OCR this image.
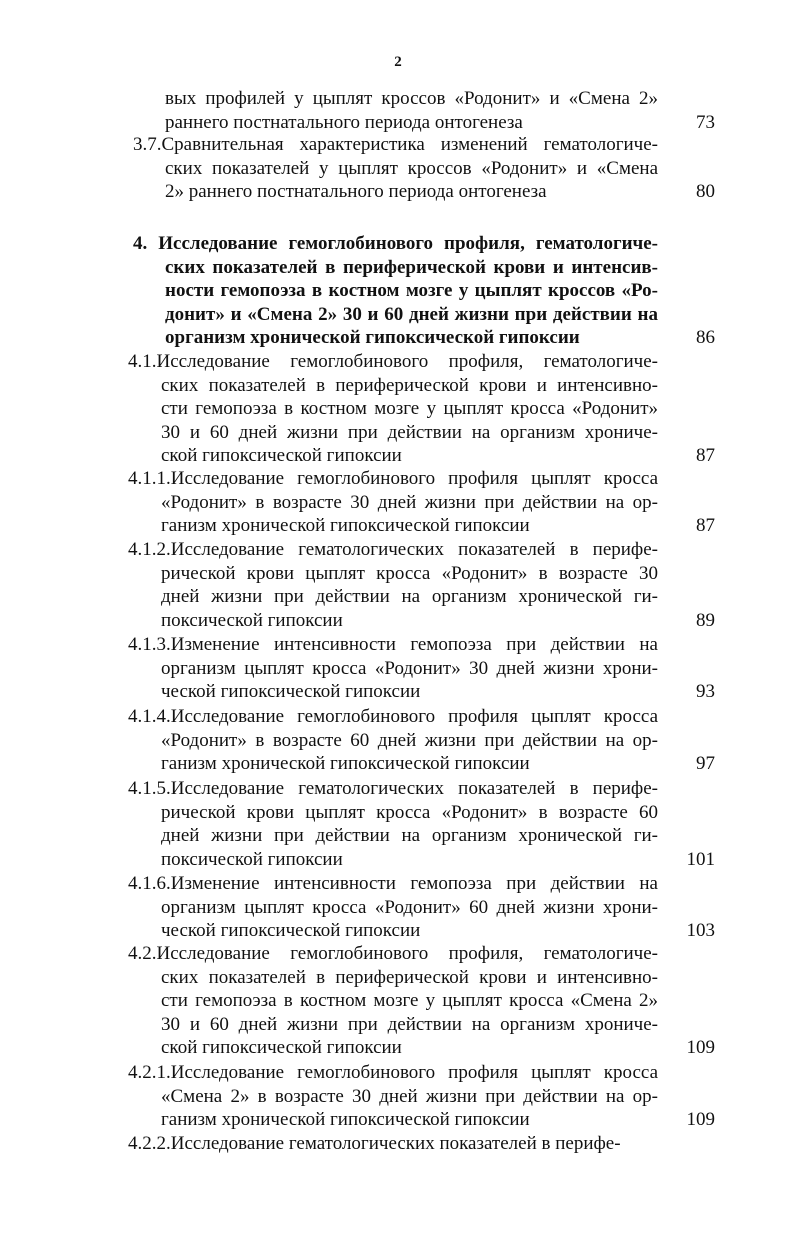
2
вых профилей у цыплят кроссов «Родонит» и «Смена 2»
раннего постнатального периода онтогенеза	73
3.7.Сравнительная характеристика изменений гематологиче-
ских показателей у цыплят кроссов «Родонит» и «Смена
2» раннего постнатального периода онтогенеза	80
4. Исследование гемоглобинового профиля, гематологиче-
ских показателей в периферической крови и интенсив-
ности гемопоэза в костном мозге у цыплят кроссов «Ро-
донит» и «Смена 2» 30 и 60 дней жизни при действии на
организм хронической гипоксической гипоксии	86
4.1.Исследование гемоглобинового профиля, гематологиче-
ских показателей в периферической крови и интенсивно-
сти гемопоэза в костном мозге у цыплят кросса «Родонит»
30 и 60 дней жизни при действии на организм хрониче-
ской гипоксической гипоксии	87
4.1.1.Исследование гемоглобинового профиля цыплят кросса
«Родонит» в возрасте 30 дней жизни при действии на ор-
ганизм хронической гипоксической гипоксии	87
4.1.2.Исследование гематологических показателей в перифе-
рической крови цыплят кросса «Родонит» в возрасте 30
дней жизни при действии на организм хронической ги-
поксической гипоксии	89
4.1.3.Изменение интенсивности гемопоэза при действии на
организм цыплят кросса «Родонит» 30 дней жизни хрони-
ческой гипоксической гипоксии	93
4.1.4.Исследование гемоглобинового профиля цыплят кросса
«Родонит» в возрасте 60 дней жизни при действии на ор-
ганизм хронической гипоксической гипоксии	97
4.1.5.Исследование гематологических показателей в перифе-
рической крови цыплят кросса «Родонит» в возрасте 60
дней жизни при действии на организм хронической ги-
поксической гипоксии	101
4.1.6.Изменение интенсивности гемопоэза при действии на
организм цыплят кросса «Родонит» 60 дней жизни хрони-
ческой гипоксической гипоксии	103
4.2.Исследование гемоглобинового профиля, гематологиче-
ских показателей в периферической крови и интенсивно-
сти гемопоэза в костном мозге у цыплят кросса «Смена 2»
30 и 60 дней жизни при действии на организм хрониче-
ской гипоксической гипоксии	109
4.2.1.Исследование гемоглобинового профиля цыплят кросса
«Смена 2» в возрасте 30 дней жизни при действии на ор-
ганизм хронической гипоксической гипоксии	109
4.2.2.Исследование гематологических показателей в перифе-
